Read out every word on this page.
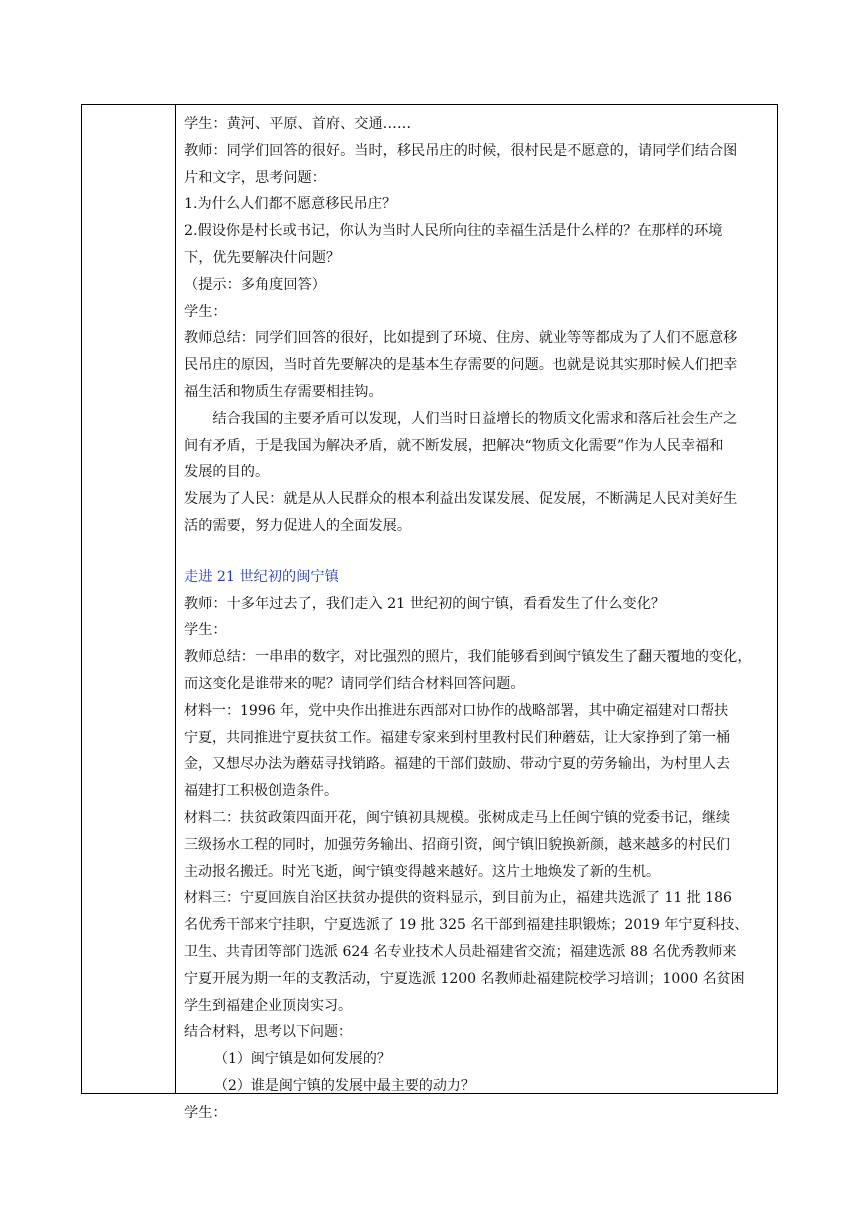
学生：黄河、平原、首府、交通……

教师：同学们回答的很好。当时，移民吊庄的时候，很村民是不愿意的，请同学们结合图

片和文字，思考问题：

1.为什么人们都不愿意移民吊庄？

2.假设你是村长或书记，你认为当时人民所向往的幸福生活是什么样的？在那样的环境

下，优先要解决什问题？

（提示：多角度回答）

学生：

教师总结：同学们回答的很好，比如提到了环境、住房、就业等等都成为了人们不愿意移

民吊庄的原因，当时首先要解决的是基本生存需要的问题。也就是说其实那时候人们把幸

福生活和物质生存需要相挂钩。

结合我国的主要矛盾可以发现，人们当时日益增长的物质文化需求和落后社会生产之

间有矛盾，于是我国为解决矛盾，就不断发展，把解决“物质文化需要”作为人民幸福和

发展的目的。

发展为了人民：就是从人民群众的根本利益出发谋发展、促发展，不断满足人民对美好生

活的需要，努力促进人的全面发展。

走进 21 世纪初的闽宁镇

教师：十多年过去了，我们走入 21 世纪初的闽宁镇，看看发生了什么变化？

学生：

教师总结：一串串的数字，对比强烈的照片，我们能够看到闽宁镇发生了翻天覆地的变化，

而这变化是谁带来的呢？请同学们结合材料回答问题。

材料一：1996 年，党中央作出推进东西部对口协作的战略部署，其中确定福建对口帮扶

宁夏，共同推进宁夏扶贫工作。福建专家来到村里教村民们种蘑菇，让大家挣到了第一桶

金，又想尽办法为蘑菇寻找销路。福建的干部们鼓励、带动宁夏的劳务输出，为村里人去

福建打工积极创造条件。

材料二：扶贫政策四面开花，闽宁镇初具规模。张树成走马上任闽宁镇的党委书记，继续

三级扬水工程的同时，加强劳务输出、招商引资，闽宁镇旧貌换新颜，越来越多的村民们

主动报名搬迁。时光飞逝，闽宁镇变得越来越好。这片土地焕发了新的生机。

材料三：宁夏回族自治区扶贫办提供的资料显示，到目前为止，福建共选派了 11 批 186

名优秀干部来宁挂职，宁夏选派了 19 批 325 名干部到福建挂职锻炼；2019 年宁夏科技、

卫生、共青团等部门选派 624 名专业技术人员赴福建省交流；福建选派 88 名优秀教师来

宁夏开展为期一年的支教活动，宁夏选派 1200 名教师赴福建院校学习培训；1000 名贫困

学生到福建企业顶岗实习。

结合材料，思考以下问题：

（1）闽宁镇是如何发展的？

（2）谁是闽宁镇的发展中最主要的动力？

学生：
